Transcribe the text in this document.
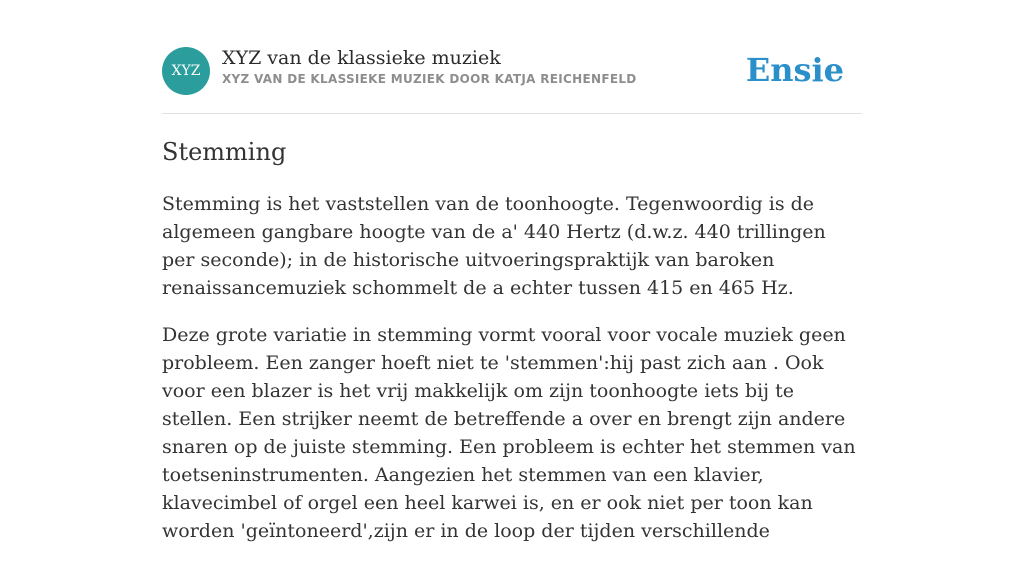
XYZ
XYZ van de klassieke muziek
XYZ VAN DE KLASSIEKE MUZIEK DOOR KATJA REICHENFELD	Ensie
Stemming

Stemming is het vaststellen van de toonhoogte. Tegenwoordig is de algemeen gangbare hoogte van de a' 440 Hertz (d.w.z. 440 trillingen per seconde); in de historische uitvoeringspraktijk van baroken renaissancemuziek schommelt de a echter tussen 415 en 465 Hz.

Deze grote variatie in stemming vormt vooral voor vocale muziek geen probleem. Een zanger hoeft niet te 'stemmen':hij past zich aan . Ook voor een blazer is het vrij makkelijk om zijn toonhoogte iets bij te stellen. Een strijker neemt de betreffende a over en brengt zijn andere snaren op de juiste stemming. Een probleem is echter het stemmen van toetseninstrumenten. Aangezien het stemmen van een klavier, klavecimbel of orgel een heel karwei is, en er ook niet per toon kan worden 'geïntoneerd',zijn er in de loop der tijden verschillende
